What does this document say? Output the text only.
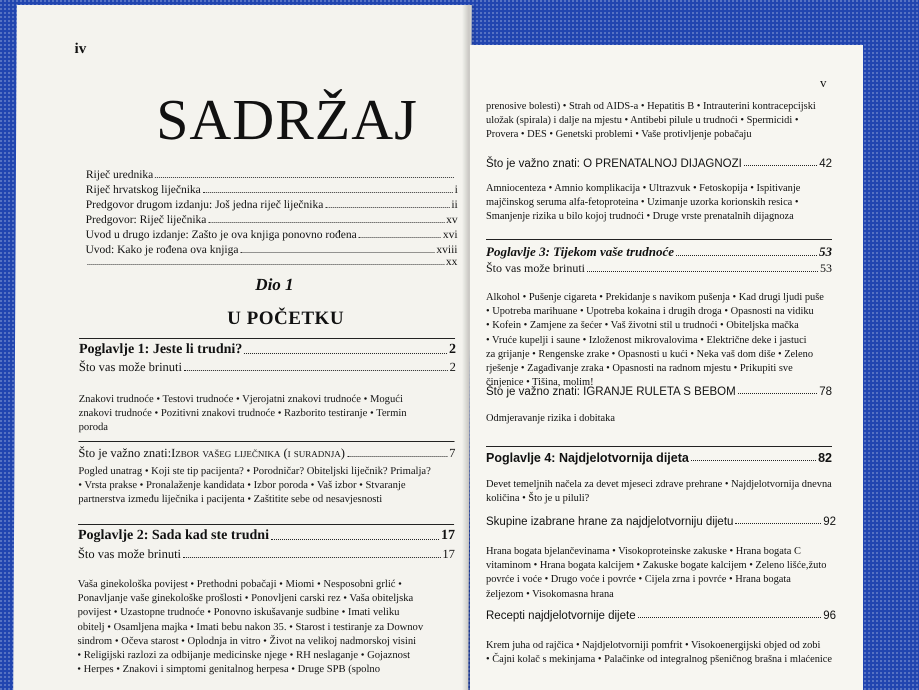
iv
SADRŽAJ
Riječ urednika
Riječ hrvatskog liječnika	i
Predgovor drugom izdanju: Još jedna riječ liječnika	ii
Predgovor: Riječ liječnika	xv
Uvod u drugo izdanje: Zašto je ova knjiga ponovno rođena	xvi
Uvod: Kako je rođena ova knjiga	xviii
xx
Dio 1
U POČETKU
Poglavlje 1: Jeste li trudni?	2
Što vas može brinuti	2
Znakovi trudnoće • Testovi trudnoće • Vjerojatni znakovi trudnoće • Mogući
znakovi trudnoće • Pozitivni znakovi trudnoće • Razborito testiranje • Termin
poroda
Što je važno znati: Izbor vašeg liječnika (i suradnja)	7
Pogled unatrag • Koji ste tip pacijenta? • Porodničar? Obiteljski liječnik? Primalja?
• Vrsta prakse • Pronalaženje kandidata • Izbor poroda • Vaš izbor • Stvaranje
partnerstva između liječnika i pacijenta • Zaštitite sebe od nesavjesnosti
Poglavlje 2: Sada kad ste trudni	17
Što vas može brinuti	17
Vaša ginekološka povijest • Prethodni pobačaji • Miomi • Nesposobni grlić •
Ponavljanje vaše ginekološke prošlosti • Ponovljeni carski rez • Vaša obiteljska
povijest • Uzastopne trudnoće • Ponovno iskušavanje sudbine • Imati veliku
obitelj • Osamljena majka • Imati bebu nakon 35. • Starost i testiranje za Downov
sindrom • Očeva starost • Oplodnja in vitro • Život na velikoj nadmorskoj visini
• Religijski razlozi za odbijanje medicinske njege • RH neslaganje • Gojaznost
• Herpes • Znakovi i simptomi genitalnog herpesa • Druge SPB (spolno
v
prenosive bolesti) • Strah od AIDS-a • Hepatitis B • Intrauterini kontracepcijski
uložak (spirala) i dalje na mjestu • Antibebi pilule u trudnoći • Spermicidi •
Provera • DES • Genetski problemi • Vaše protivljenje pobačaju
Što je važno znati: O PRENATALNOJ DIJAGNOZI	42
Amniocenteza • Amnio komplikacija • Ultrazvuk • Fetoskopija • Ispitivanje
majčinskog seruma alfa-fetoproteina • Uzimanje uzorka korionskih resica •
Smanjenje rizika u bilo kojoj trudnoći • Druge vrste prenatalnih dijagnoza
Poglavlje 3: Tijekom vaše trudnoće	53
Što vas može brinuti	53
Alkohol • Pušenje cigareta • Prekidanje s navikom pušenja • Kad drugi ljudi puše
• Upotreba marihuane • Upotreba kokaina i drugih droga • Opasnosti na vidiku
• Kofein • Zamjene za šećer • Vaš životni stil u trudnoći • Obiteljska mačka
• Vruće kupelji i saune • Izloženost mikrovalovima • Električne deke i jastuci
za grijanje • Rengenske zrake • Opasnosti u kući • Neka vaš dom diše • Zeleno
rješenje • Zagađivanje zraka • Opasnosti na radnom mjestu • Prikupiti sve
činjenice • Tišina, molim!
Što je važno znati: IGRANJE RULETA S BEBOM	78
Odmjeravanje rizika i dobitaka
Poglavlje 4: Najdjelotvornija dijeta	82
Devet temeljnih načela za devet mjeseci zdrave prehrane • Najdjelotvornija dnevna
količina • Što je u piluli?
Skupine izabrane hrane za najdjelotvorniju dijetu	92
Hrana bogata bjelančevinama • Visokoproteinske zakuske • Hrana bogata C
vitaminom • Hrana bogata kalcijem • Zakuske bogate kalcijem • Zeleno lišće,žuto
povrće i voće • Drugo voće i povrće • Cijela zrna i povrće • Hrana bogata
željezom • Visokomasna hrana
Recepti najdjelotvornije dijete	96
Krem juha od rajčica • Najdjelotvorniji pomfrit • Visokoenergijski objed od zobi
• Čajni kolač s mekinjama • Palačinke od integralnog pšeničnog brašna i mlaćenice
